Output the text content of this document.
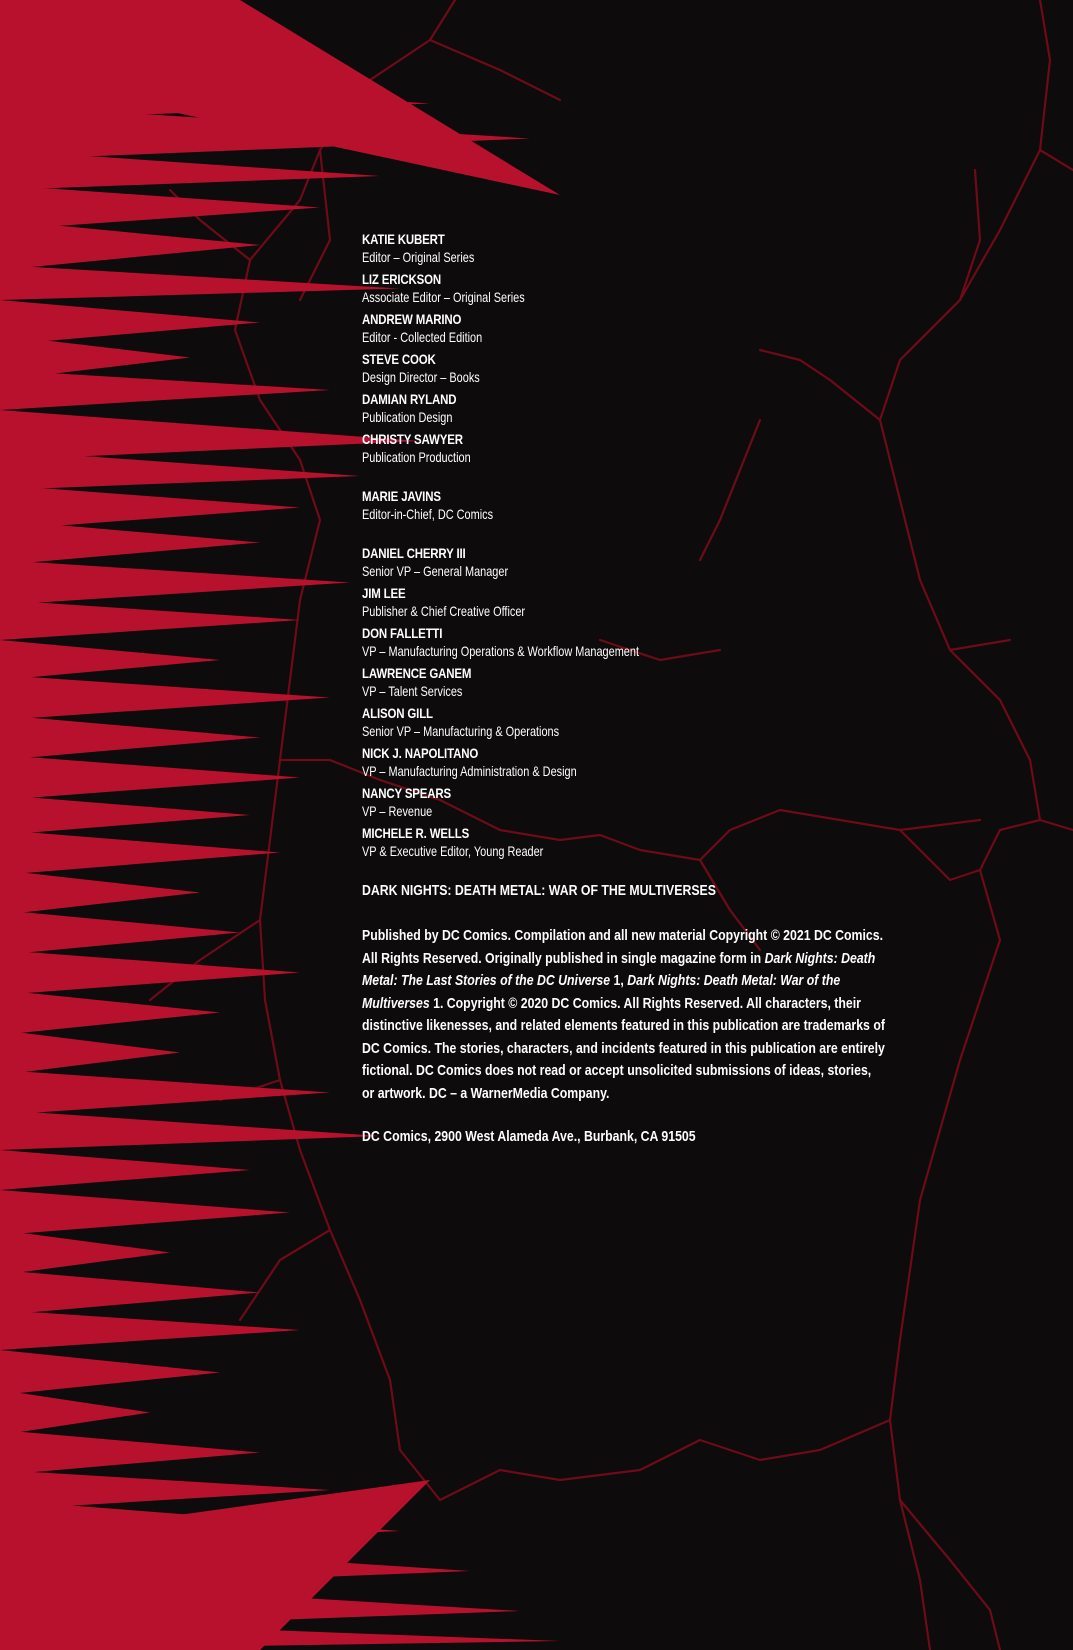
KATIE KUBERT
Editor – Original Series
LIZ ERICKSON
Associate Editor – Original Series
ANDREW MARINO
Editor - Collected Edition
STEVE COOK
Design Director – Books
DAMIAN RYLAND
Publication Design
CHRISTY SAWYER
Publication Production
MARIE JAVINS
Editor-in-Chief, DC Comics
DANIEL CHERRY III
Senior VP – General Manager
JIM LEE
Publisher & Chief Creative Officer
DON FALLETTI
VP – Manufacturing Operations & Workflow Management
LAWRENCE GANEM
VP – Talent Services
ALISON GILL
Senior VP – Manufacturing & Operations
NICK J. NAPOLITANO
VP – Manufacturing Administration & Design
NANCY SPEARS
VP – Revenue
MICHELE R. WELLS
VP & Executive Editor, Young Reader
DARK NIGHTS: DEATH METAL: WAR OF THE MULTIVERSES
Published by DC Comics. Compilation and all new material Copyright © 2021 DC Comics. All Rights Reserved. Originally published in single magazine form in Dark Nights: Death Metal: The Last Stories of the DC Universe 1, Dark Nights: Death Metal: War of the Multiverses 1. Copyright © 2020 DC Comics. All Rights Reserved. All characters, their distinctive likenesses, and related elements featured in this publication are trademarks of DC Comics. The stories, characters, and incidents featured in this publication are entirely fictional. DC Comics does not read or accept unsolicited submissions of ideas, stories, or artwork. DC – a WarnerMedia Company.
DC Comics, 2900 West Alameda Ave., Burbank, CA 91505
